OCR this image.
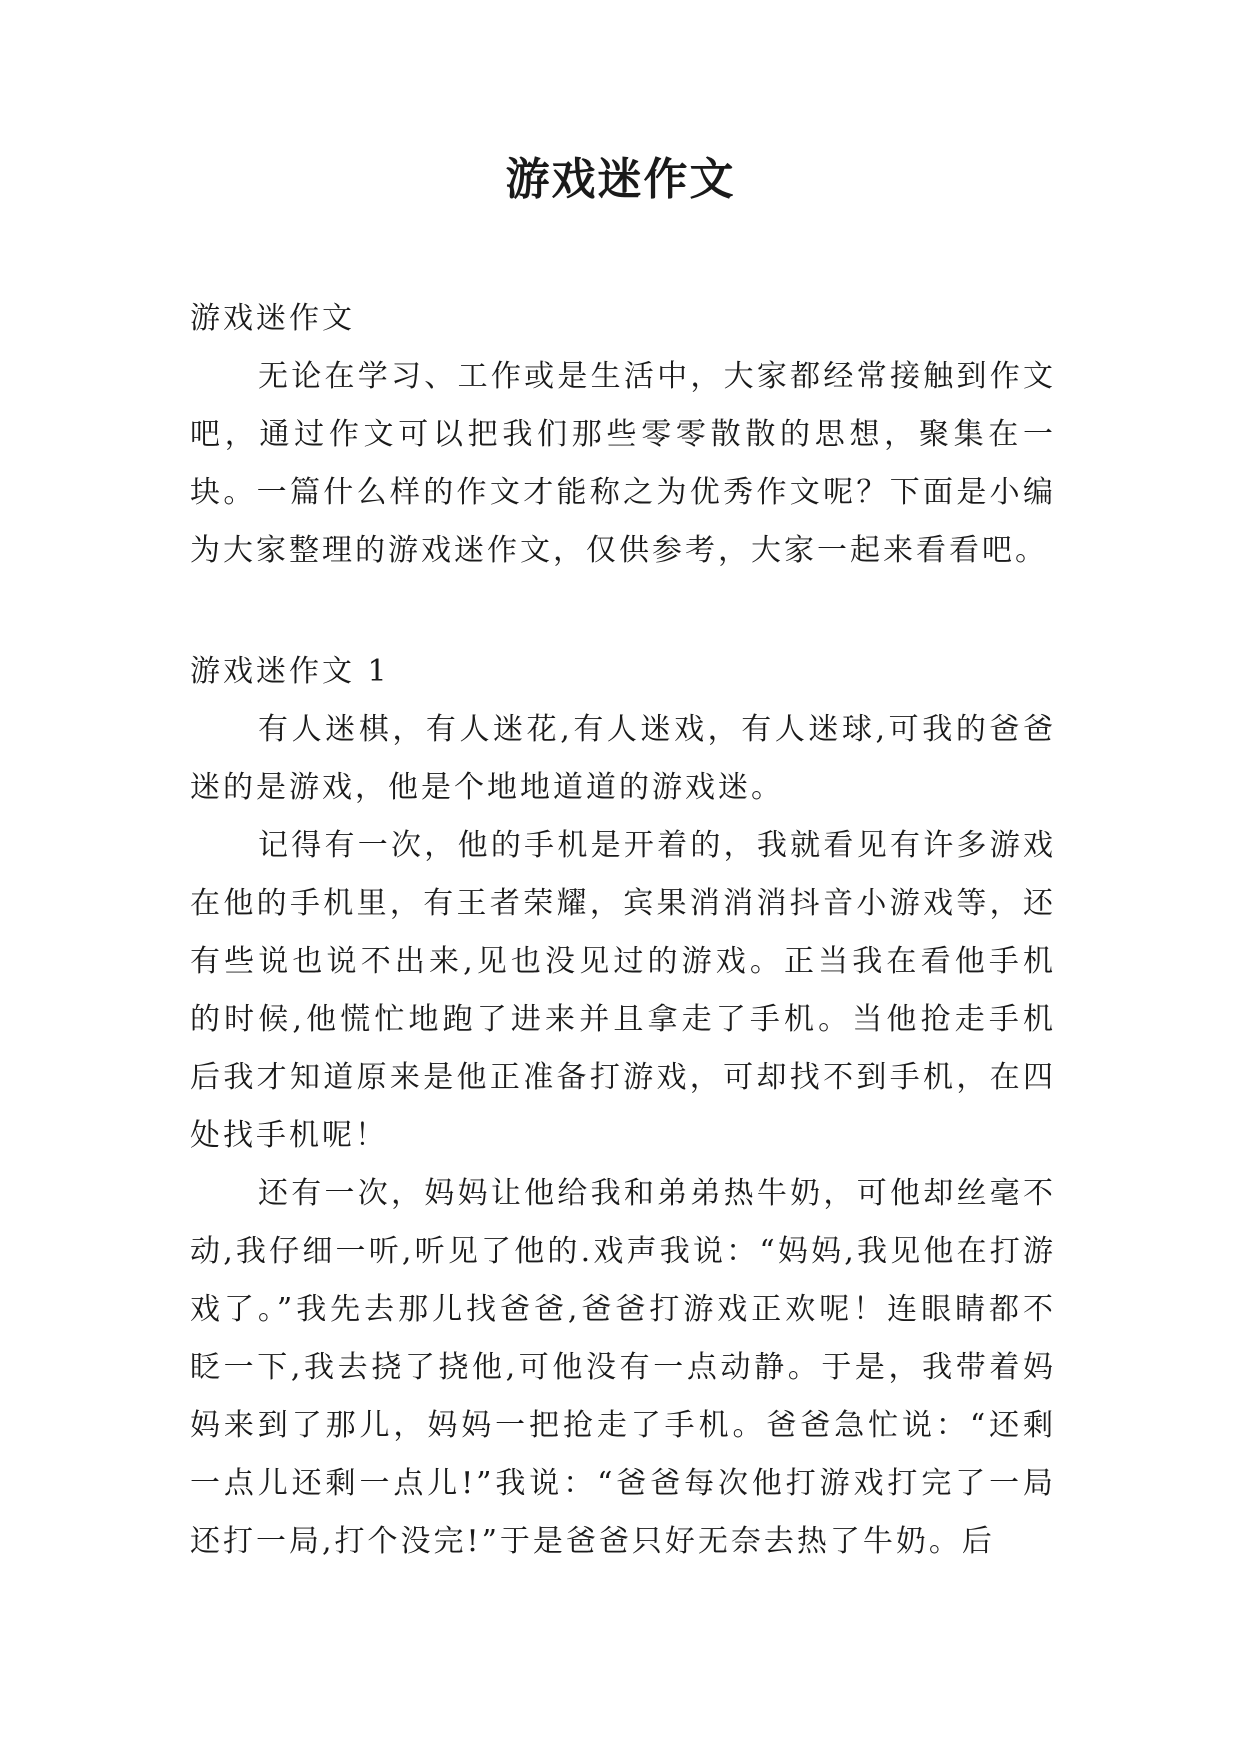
游戏迷作文
游戏迷作文

无论在学习、工作或是生活中，大家都经常接触到作文吧，通过作文可以把我们那些零零散散的思想，聚集在一块。一篇什么样的作文才能称之为优秀作文呢？下面是小编为大家整理的游戏迷作文，仅供参考，大家一起来看看吧。

游戏迷作文 1

有人迷棋，有人迷花,有人迷戏，有人迷球,可我的爸爸迷的是游戏，他是个地地道道的游戏迷。

记得有一次，他的手机是开着的，我就看见有许多游戏在他的手机里，有王者荣耀，宾果消消消抖音小游戏等，还有些说也说不出来,见也没见过的游戏。正当我在看他手机的时候,他慌忙地跑了进来并且拿走了手机。当他抢走手机后我才知道原来是他正准备打游戏，可却找不到手机，在四处找手机呢！

还有一次，妈妈让他给我和弟弟热牛奶，可他却丝毫不动,我仔细一听,听见了他的.戏声我说：“妈妈,我见他在打游戏了。”我先去那儿找爸爸,爸爸打游戏正欢呢！连眼睛都不眨一下,我去挠了挠他,可他没有一点动静。于是，我带着妈妈来到了那儿，妈妈一把抢走了手机。爸爸急忙说：“还剩一点儿还剩一点儿!”我说：“爸爸每次他打游戏打完了一局还打一局,打个没完!”于是爸爸只好无奈去热了牛奶。后
